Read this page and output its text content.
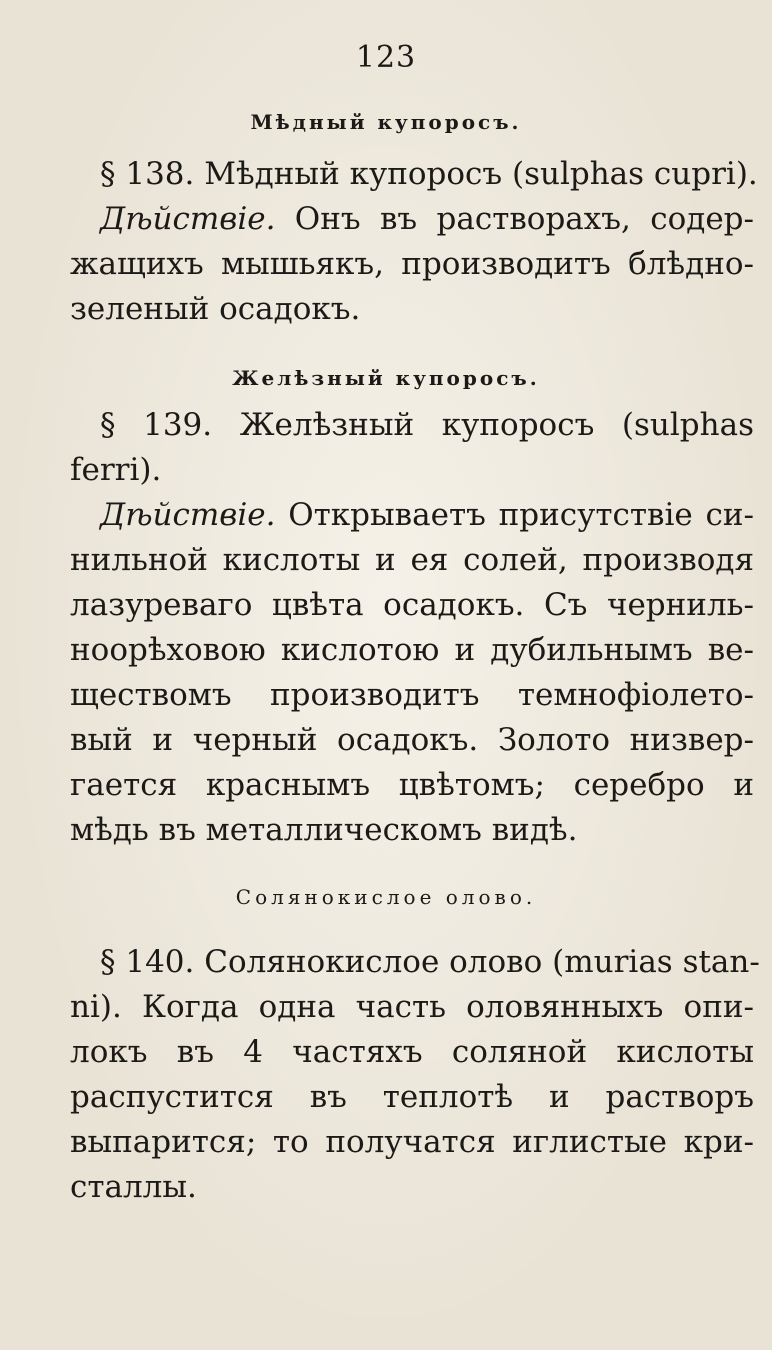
123
Мѣдный купоросъ.
§ 138. Мѣдный купоросъ (sulphas cupri).
Дѣйствіе. Онъ въ растворахъ, содер-
жащихъ мышьякъ, производитъ блѣдно-
зеленый осадокъ.
Желѣзный купоросъ.
§ 139. Желѣзный купоросъ (sulphas
ferri).
Дѣйствіе. Открываетъ присутствіе си-
нильной кислоты и ея солей, производя
лазуреваго цвѣта осадокъ. Съ черниль-
ноорѣховою кислотою и дубильнымъ ве-
ществомъ производитъ темнофіолето-
вый и черный осадокъ. Золото низвер-
гается краснымъ цвѣтомъ; серебро и
мѣдь въ металлическомъ видѣ.
Солянокислое олово.
§ 140. Солянокислое олово (murias stan-
ni). Когда одна часть оловянныхъ опи-
локъ въ 4 частяхъ соляной кислоты
распустится въ теплотѣ и растворъ
выпарится; то получатся иглистые кри-
сталлы.
